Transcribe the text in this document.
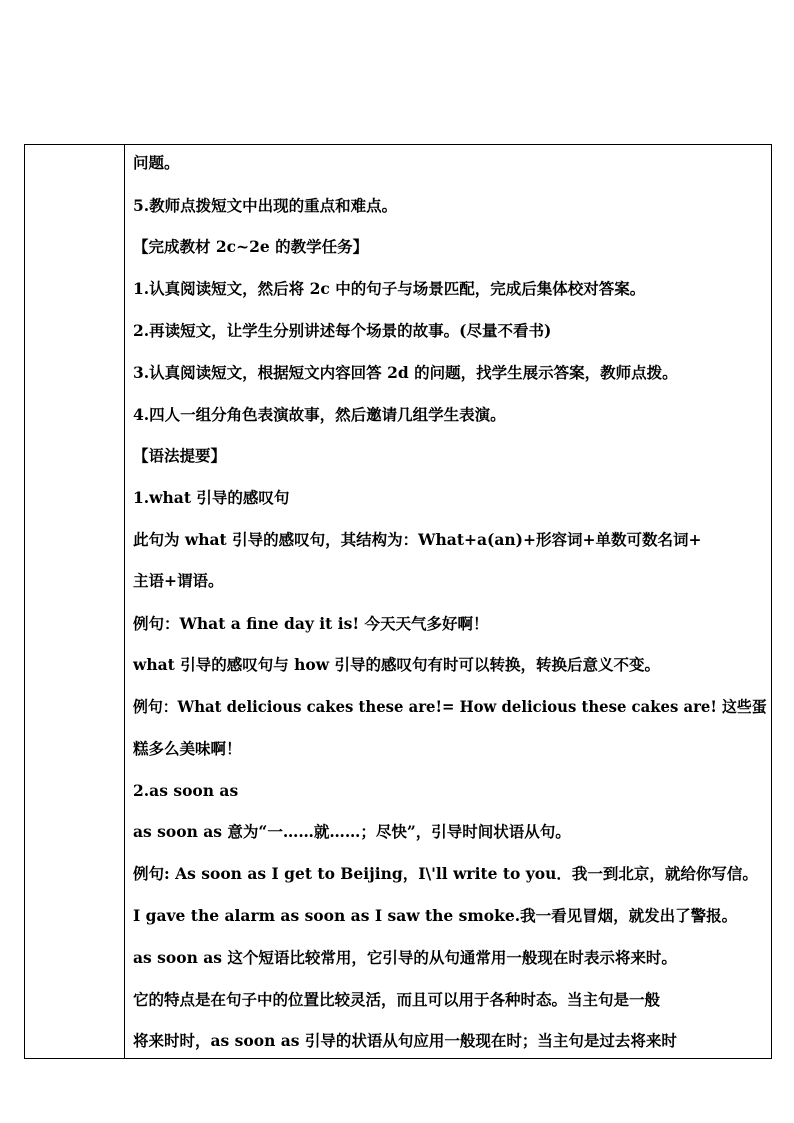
问题。
5.教师点拨短文中出现的重点和难点。
【完成教材 2c~2e 的教学任务】
1.认真阅读短文，然后将 2c 中的句子与场景匹配，完成后集体校对答案。
2.再读短文，让学生分别讲述每个场景的故事。(尽量不看书)
3.认真阅读短文，根据短文内容回答 2d 的问题，找学生展示答案，教师点拨。
4.四人一组分角色表演故事，然后邀请几组学生表演。
【语法提要】
1.what 引导的感叹句
此句为 what 引导的感叹句，其结构为：What+a(an)+形容词+单数可数名词+
主语+谓语。
例句：What a fine day it is! 今天天气多好啊！
what 引导的感叹句与 how 引导的感叹句有时可以转换，转换后意义不变。
例句：What delicious cakes these are!= How delicious these cakes are! 这些蛋
糕多么美味啊！
2.as soon as
as soon as 意为“一……就……；尽快”，引导时间状语从句。
例句: As soon as I get to Beijing，I\'ll write to you．我一到北京，就给你写信。
I gave the alarm as soon as I saw the smoke.我一看见冒烟，就发出了警报。
as soon as 这个短语比较常用，它引导的从句通常用一般现在时表示将来时。
它的特点是在句子中的位置比较灵活，而且可以用于各种时态。当主句是一般
将来时时，as soon as 引导的状语从句应用一般现在时；当主句是过去将来时
